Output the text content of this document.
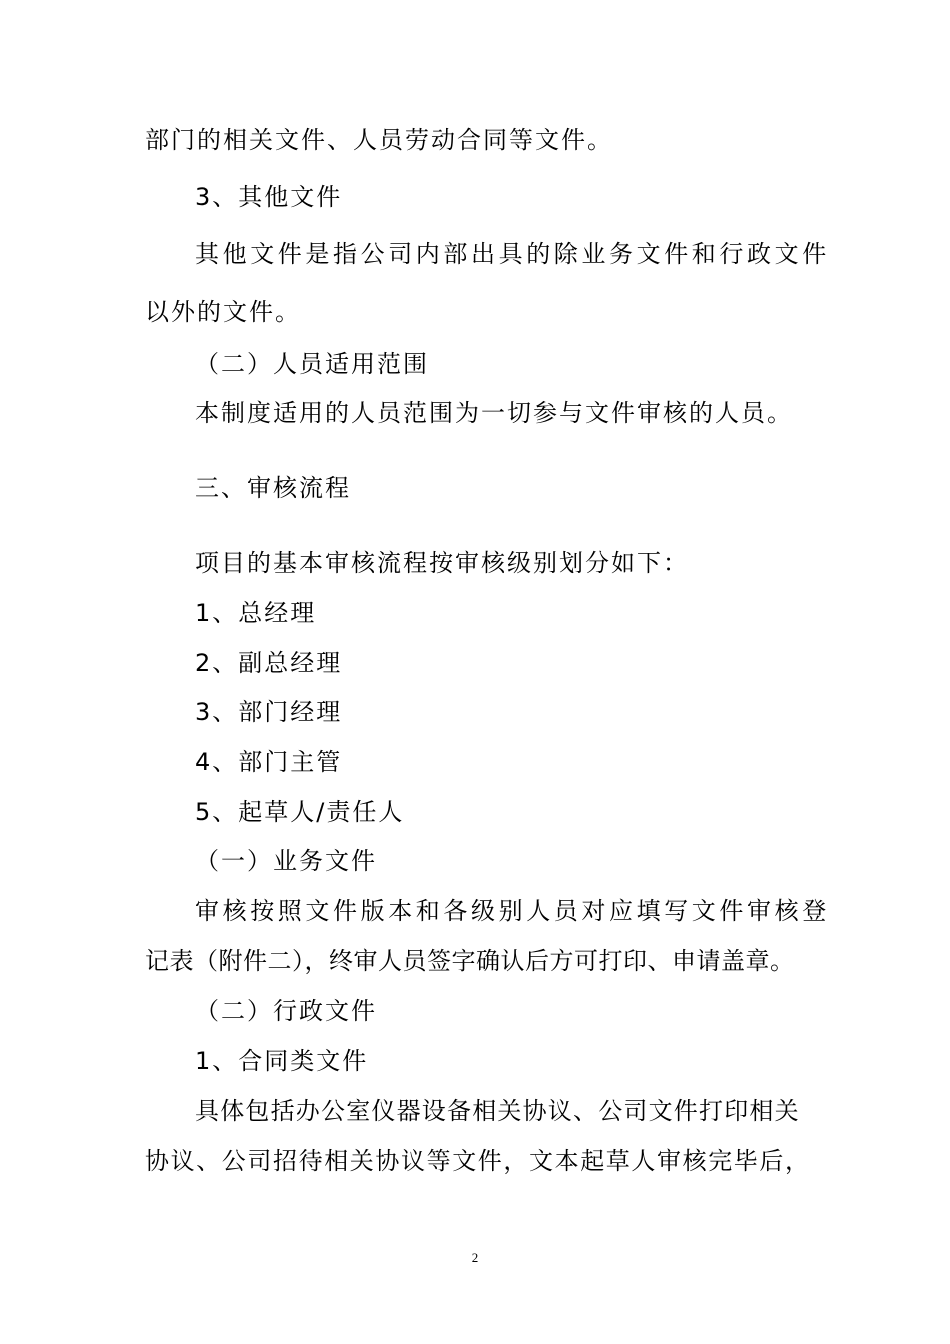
部门的相关文件、人员劳动合同等文件。
3、其他文件
其他文件是指公司内部出具的除业务文件和行政文件
以外的文件。
（二）人员适用范围
本制度适用的人员范围为一切参与文件审核的人员。
三、审核流程
项目的基本审核流程按审核级别划分如下：
1、总经理
2、副总经理
3、部门经理
4、部门主管
5、起草人/责任人
（一）业务文件
审核按照文件版本和各级别人员对应填写文件审核登
记表（附件二），终审人员签字确认后方可打印、申请盖章。
（二）行政文件
1、合同类文件
具体包括办公室仪器设备相关协议、公司文件打印相关
协议、公司招待相关协议等文件，文本起草人审核完毕后，
2
